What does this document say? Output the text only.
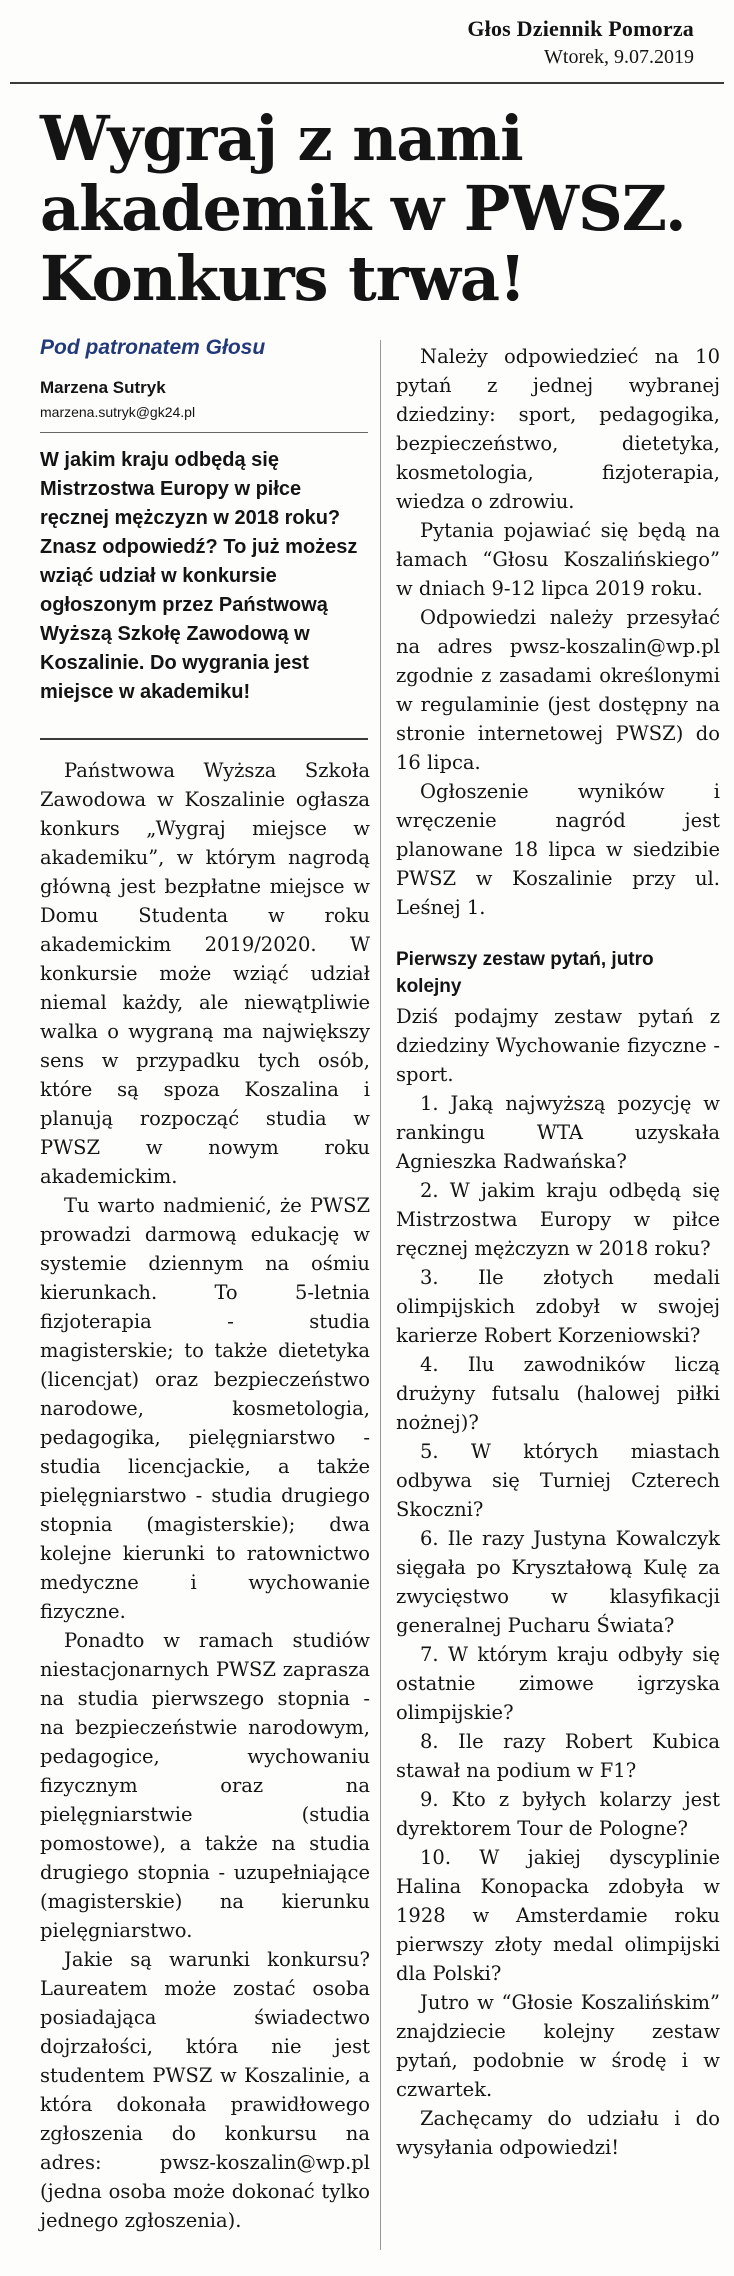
Głos Dziennik Pomorza
Wtorek, 9.07.2019
Wygraj z nami
akademik w PWSZ.
Konkurs trwa!
Pod patronatem Głosu
Marzena Sutryk
marzena.sutryk@gk24.pl

W jakim kraju odbędą się Mistrzostwa Europy w piłce ręcznej mężczyzn w 2018 roku? Znasz odpowiedź? To już możesz wziąć udział w konkursie ogłoszonym przez Państwową Wyższą Szkołę Zawodową w Koszalinie. Do wygrania jest miejsce w akademiku!

Państwowa Wyższa Szkoła Zawodowa w Koszalinie ogłasza konkurs „Wygraj miejsce w akademiku”, w którym nagrodą główną jest bezpłatne miejsce w Domu Studenta w roku akademickim 2019/2020. W konkursie może wziąć udział niemal każdy, ale niewątpliwie walka o wygraną ma największy sens w przypadku tych osób, które są spoza Koszalina i planują rozpocząć studia w PWSZ w nowym roku akademickim.

Tu warto nadmienić, że PWSZ prowadzi darmową edukację w systemie dziennym na ośmiu kierunkach. To 5-letnia fizjoterapia - studia magisterskie; to także dietetyka (licencjat) oraz bezpieczeństwo narodowe, kosmetologia, pedagogika, pielęgniarstwo - studia licencjackie, a także pielęgniarstwo - studia drugiego stopnia (magisterskie); dwa kolejne kierunki to ratownictwo medyczne i wychowanie fizyczne.

Ponadto w ramach studiów niestacjonarnych PWSZ zaprasza na studia pierwszego stopnia - na bezpieczeństwie narodowym, pedagogice, wychowaniu fizycznym oraz na pielęgniarstwie (studia pomostowe), a także na studia drugiego stopnia - uzupełniające (magisterskie) na kierunku pielęgniarstwo.

Jakie są warunki konkursu? Laureatem może zostać osoba posiadająca świadectwo dojrzałości, która nie jest studentem PWSZ w Koszalinie, a która dokonała prawidłowego zgłoszenia do konkursu na adres: pwsz-koszalin@wp.pl (jedna osoba może dokonać tylko jednego zgłoszenia).

Należy odpowiedzieć na 10 pytań z jednej wybranej dziedziny: sport, pedagogika, bezpieczeństwo, dietetyka, kosmetologia, fizjoterapia, wiedza o zdrowiu.

Pytania pojawiać się będą na łamach “Głosu Koszalińskiego” w dniach 9-12 lipca 2019 roku.

Odpowiedzi należy przesyłać na adres pwsz-koszalin@wp.pl zgodnie z zasadami określonymi w regulaminie (jest dostępny na stronie internetowej PWSZ) do 16 lipca.

Ogłoszenie wyników i wręczenie nagród jest planowane 18 lipca w siedzibie PWSZ w Koszalinie przy ul. Leśnej 1.

Pierwszy zestaw pytań, jutro kolejny

Dziś podajmy zestaw pytań z dziedziny Wychowanie fizyczne - sport.

1. Jaką najwyższą pozycję w rankingu WTA uzyskała Agnieszka Radwańska?

2. W jakim kraju odbędą się Mistrzostwa Europy w piłce ręcznej mężczyzn w 2018 roku?

3. Ile złotych medali olimpijskich zdobył w swojej karierze Robert Korzeniowski?

4. Ilu zawodników liczą drużyny futsalu (halowej piłki nożnej)?

5. W których miastach odbywa się Turniej Czterech Skoczni?

6. Ile razy Justyna Kowalczyk sięgała po Kryształową Kulę za zwycięstwo w klasyfikacji generalnej Pucharu Świata?

7. W którym kraju odbyły się ostatnie zimowe igrzyska olimpijskie?

8. Ile razy Robert Kubica stawał na podium w F1?

9. Kto z byłych kolarzy jest dyrektorem Tour de Pologne?

10. W jakiej dyscyplinie Halina Konopacka zdobyła w 1928 w Amsterdamie roku pierwszy złoty medal olimpijski dla Polski?

Jutro w “Głosie Koszalińskim” znajdziecie kolejny zestaw pytań, podobnie w środę i w czwartek.

Zachęcamy do udziału i do wysyłania odpowiedzi!
